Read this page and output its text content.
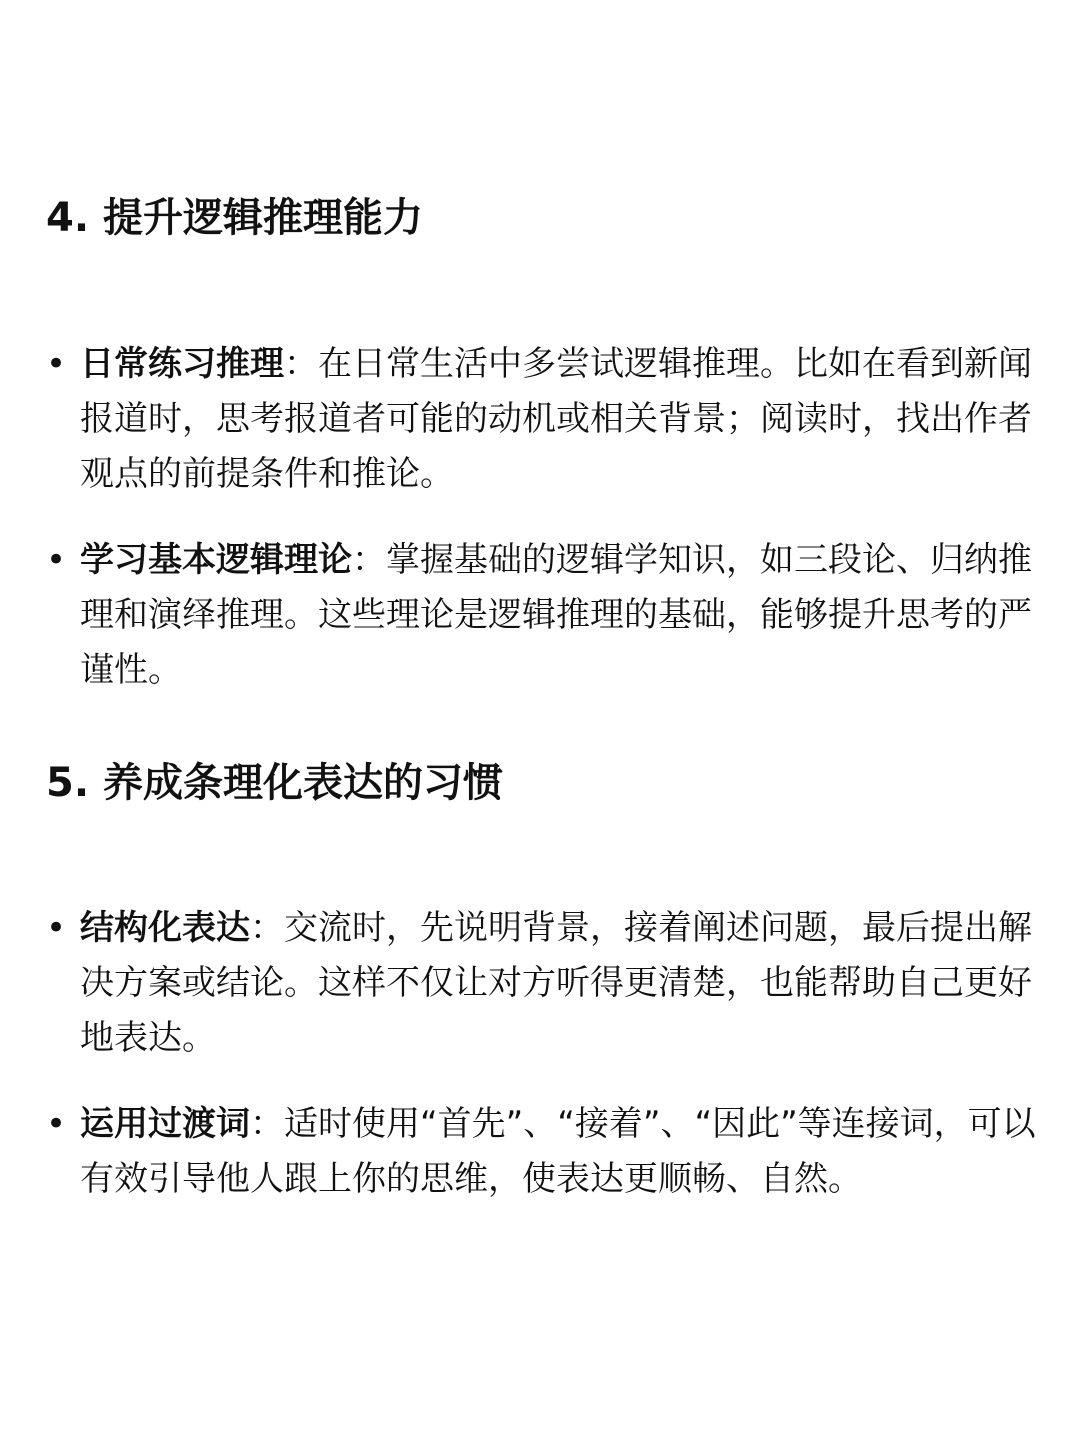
4. 提升逻辑推理能力
• 日常练习推理：在日常生活中多尝试逻辑推理。比如在看到新闻报道时，思考报道者可能的动机或相关背景；阅读时，找出作者观点的前提条件和推论。
• 学习基本逻辑理论：掌握基础的逻辑学知识，如三段论、归纳推理和演绎推理。这些理论是逻辑推理的基础，能够提升思考的严谨性。
5. 养成条理化表达的习惯
• 结构化表达：交流时，先说明背景，接着阐述问题，最后提出解决方案或结论。这样不仅让对方听得更清楚，也能帮助自己更好地表达。
• 运用过渡词：适时使用“首先”、“接着”、“因此”等连接词，可以有效引导他人跟上你的思维，使表达更顺畅、自然。
